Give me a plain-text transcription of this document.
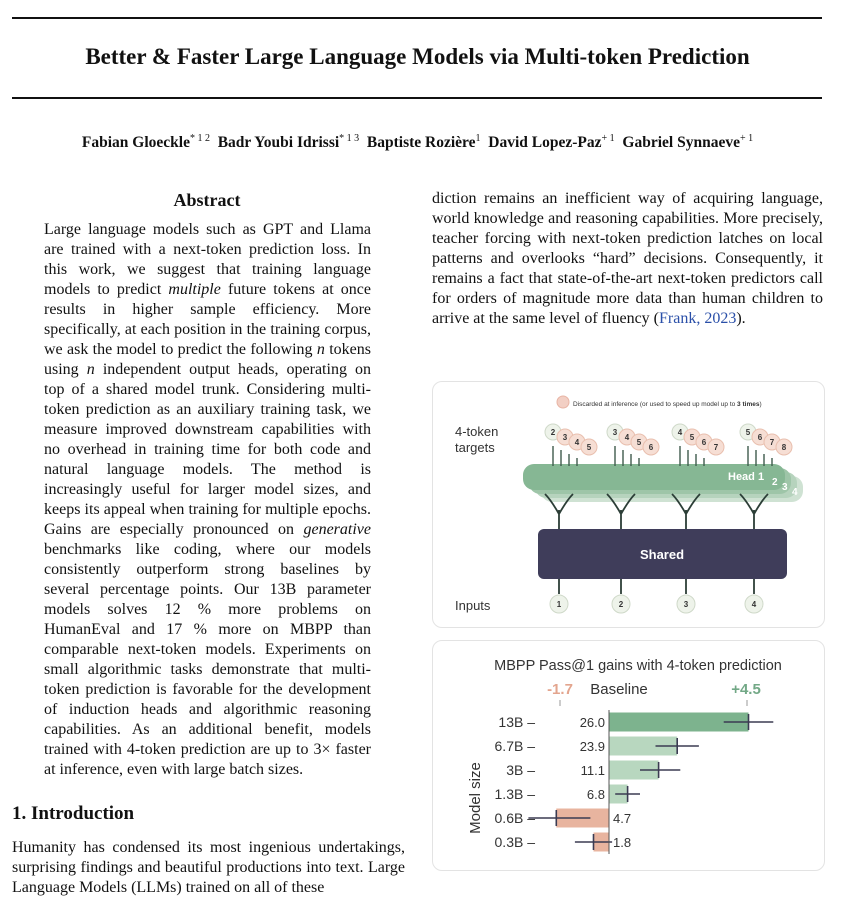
Better & Faster Large Language Models via Multi-token Prediction
Fabian Gloeckle$^{* 1 2}$ Badr Youbi Idrissi$^{* 1 3}$ Baptiste Rozière$^1$ David Lopez-Paz$^{+ 1}$ Gabriel Synnaeve$^{+ 1}$
Abstract
Large language models such as GPT and Llama are trained with a next-token prediction loss. In this work, we suggest that training language models to predict multiple future tokens at once results in higher sample efficiency. More specifically, at each position in the training corpus, we ask the model to predict the following n tokens using n independent output heads, operating on top of a shared model trunk. Considering multi-token prediction as an auxiliary training task, we measure improved downstream capabilities with no overhead in training time for both code and natural language models. The method is increasingly useful for larger model sizes, and keeps its appeal when training for multiple epochs. Gains are especially pronounced on generative benchmarks like coding, where our models consistently outperform strong baselines by several percentage points. Our 13B parameter models solves 12 % more problems on HumanEval and 17 % more on MBPP than comparable next-token models. Experiments on small algorithmic tasks demonstrate that multi-token prediction is favorable for the development of induction heads and algorithmic reasoning capabilities. As an additional benefit, models trained with 4-token prediction are up to 3× faster at inference, even with large batch sizes.
diction remains an inefficient way of acquiring language, world knowledge and reasoning capabilities. More precisely, teacher forcing with next-token prediction latches on local patterns and overlooks “hard” decisions. Consequently, it remains a fact that state-of-the-art next-token predictors call for orders of magnitude more data than human children to arrive at the same level of fluency (Frank, 2023).
1. Introduction
Humanity has condensed its most ingenious undertakings, surprising findings and beautiful productions into text. Large Language Models (LLMs) trained on all of these
Discarded at inference (or used to speed up model up to 3 times)
4-token
targets
Inputs
Head 1 2 3 4
2
3
4
5
3
4
5
6
4
5
6
7
5
6
7
8
Shared
1	2	3	4
MBPP Pass@1 gains with 4-token prediction
-1.7 Baseline	+4.5
Model size
13B –	26.0
6.7B –	23.9
3B –	11.1
1.3B –	6.8
0.6B –	4.7
0.3B –	1.8
